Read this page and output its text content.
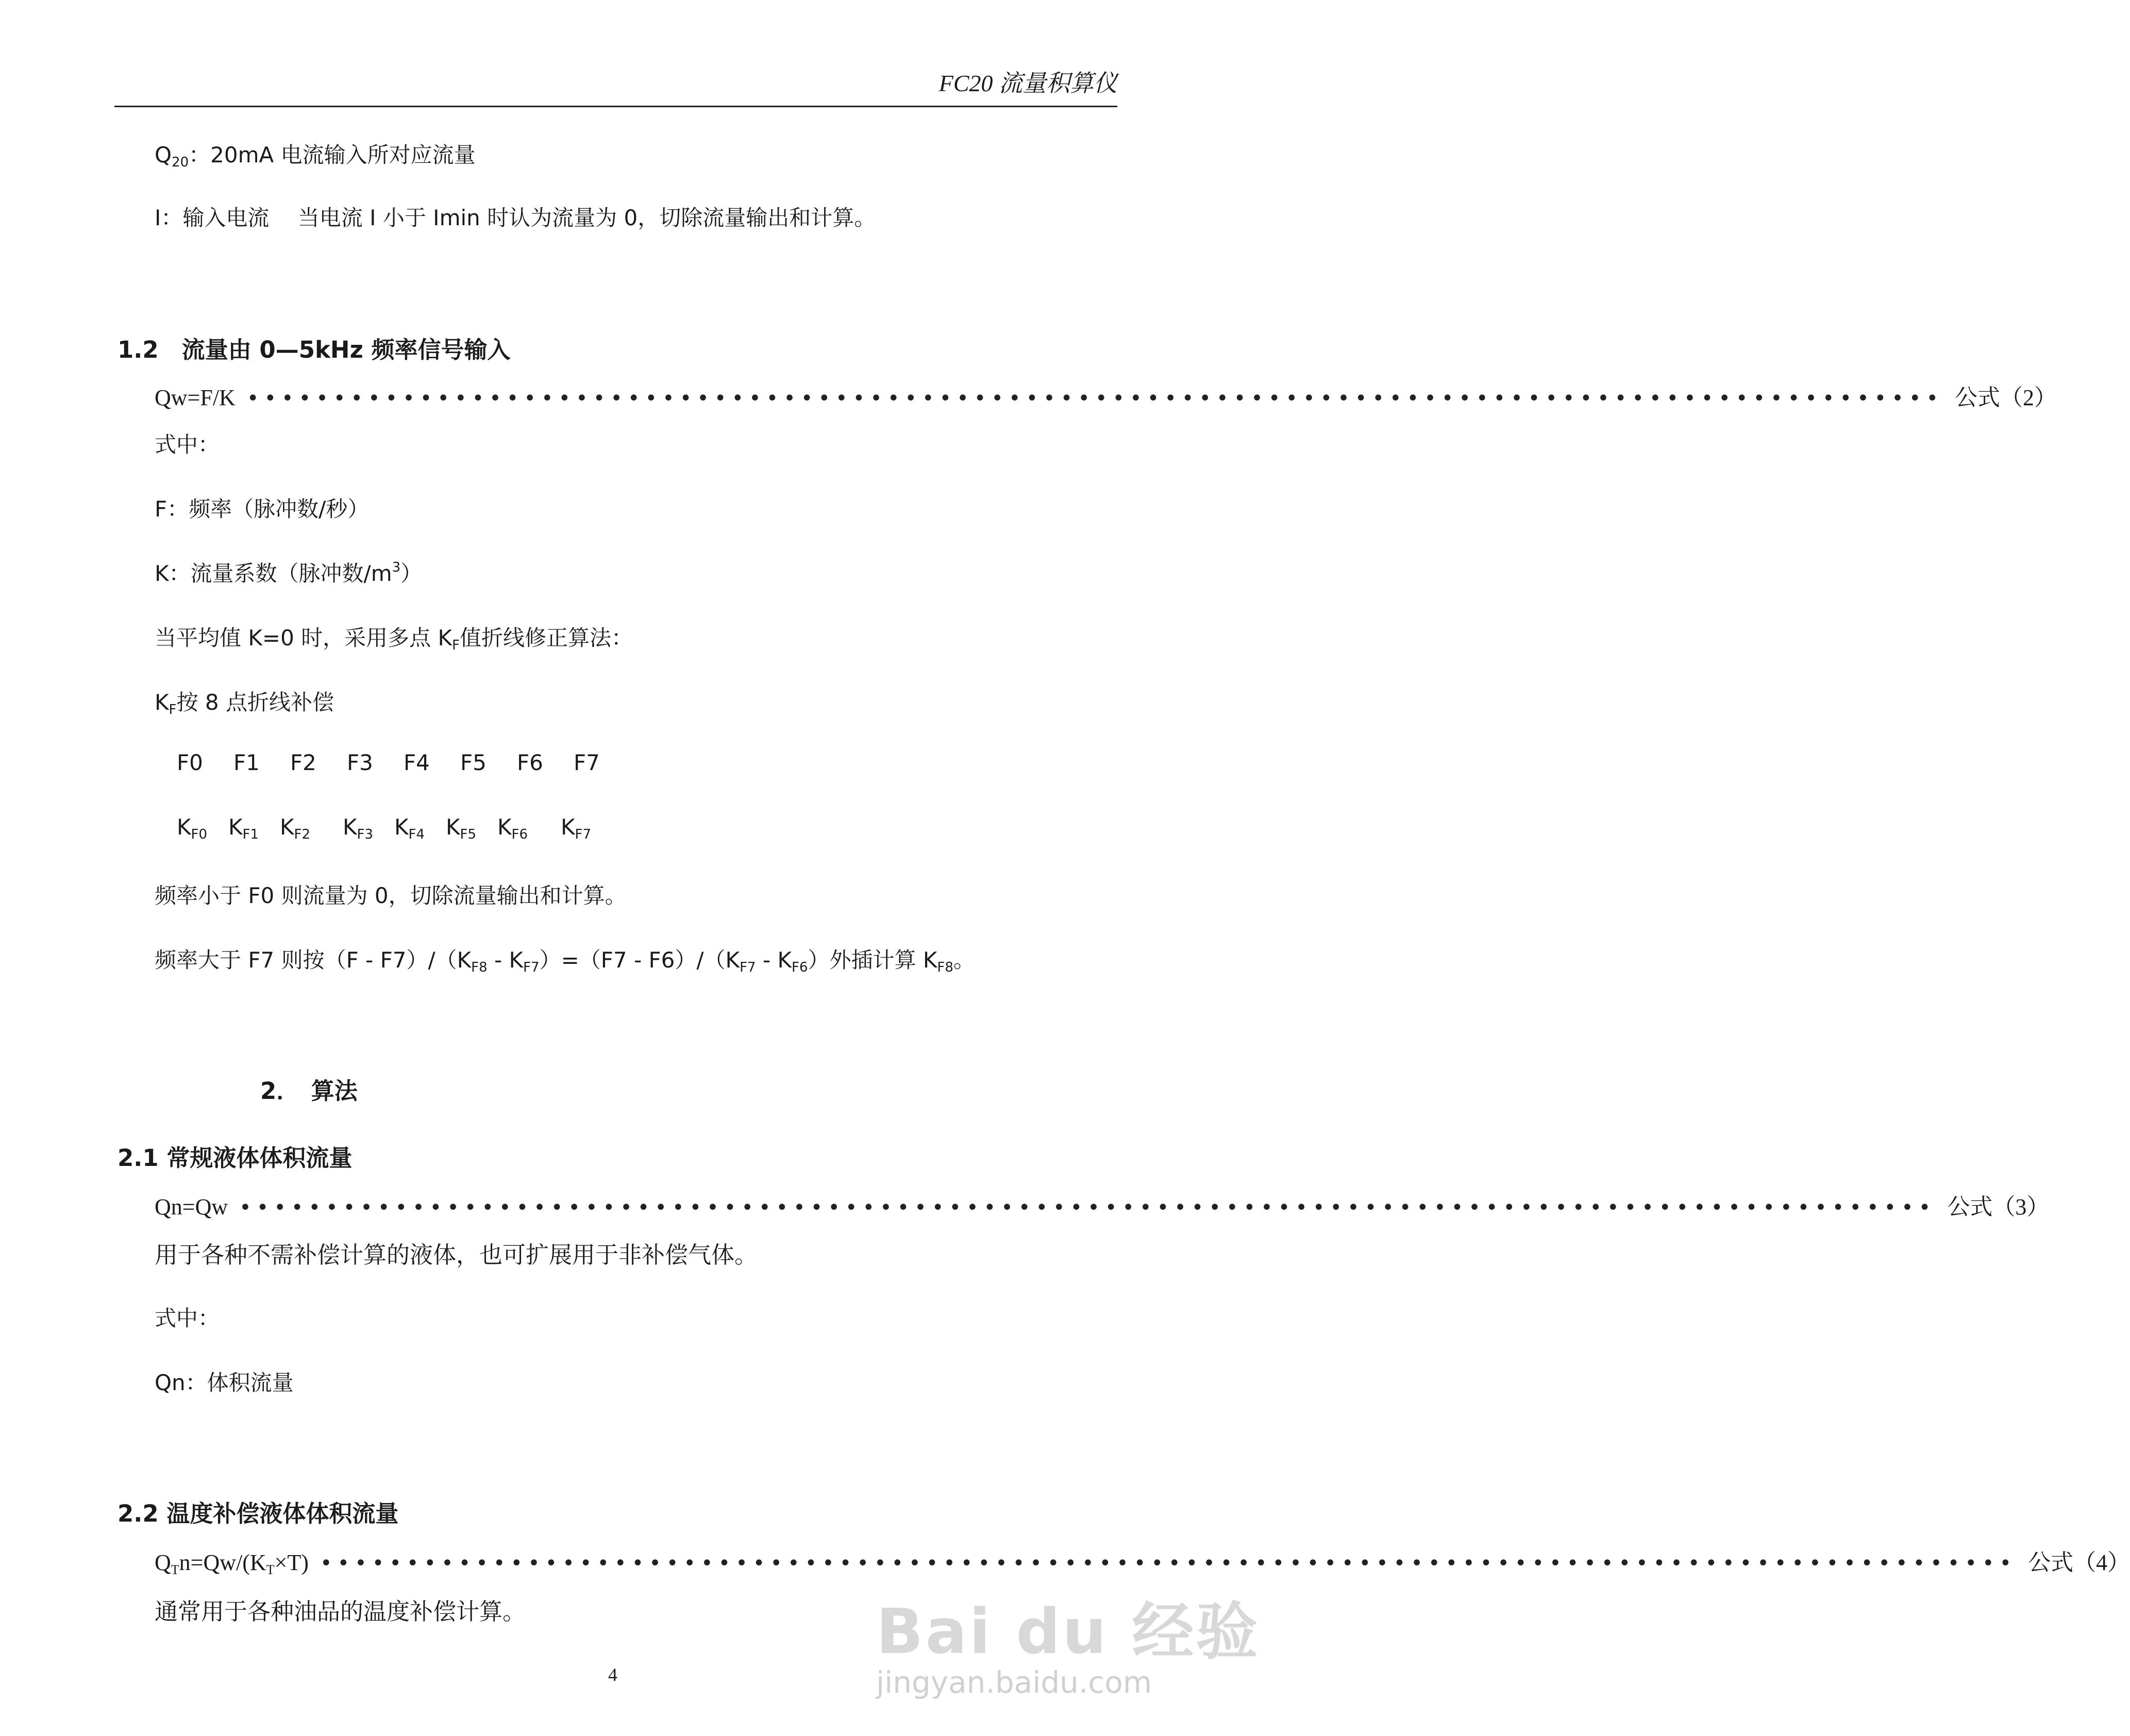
FC20 流量积算仪
$Q_{20}$：20mA 电流输入所对应流量
I：输入电流　 当电流 I 小于 Imin 时认为流量为 0，切除流量输出和计算。
1.2　流量由 0—5kHz 频率信号输入
Qw=F/K •••••••••••••••••••••••••••••••••••••••••••••••••••••••••••••••••••••••••••••••••••••••••••••••••• 公式（2）
式中：
F：频率（脉冲数/秒）
K：流量系数（脉冲数$/m^3$）
当平均值 K=0 时，采用多点 $K_F$值折线修正算法：
$K_F$按 8 点折线补偿
F0 F1 F2 F3 F4 F5 F6 F7
$K_{F0}$ $K_{F1}$ $K_{F2}$ $K_{F3}$ $K_{F4}$ $K_{F5}$ $K_{F6}$ $K_{F7}$
频率小于 F0 则流量为 0，切除流量输出和计算。
频率大于 F7 则按$(F - F7)/(K_{F8} - K_{F7})=(F7 - F6)/(K_{F7} - K_{F6})$外插计算 $K_{F8}$。
2．　算法
2.1 常规液体体积流量
Qn=Qw •••••••••••••••••••••••••••••••••••••••••••••••••••••••••••••••••••••••••••••••••••••••••••••••••• 公式（3）
用于各种不需补偿计算的液体，也可扩展用于非补偿气体。
式中：
Qn：体积流量
2.2 温度补偿液体体积流量
$Q_Tn=Qw/(K_T\times T)$ •••••••••••••••••••••••••••••••••••••••••••••••••••••••••••••••••••••••••••••••••••••••••••••••••• 公式（4）
通常用于各种油品的温度补偿计算。	Bai du 经验
jingyan.baidu.com
4
